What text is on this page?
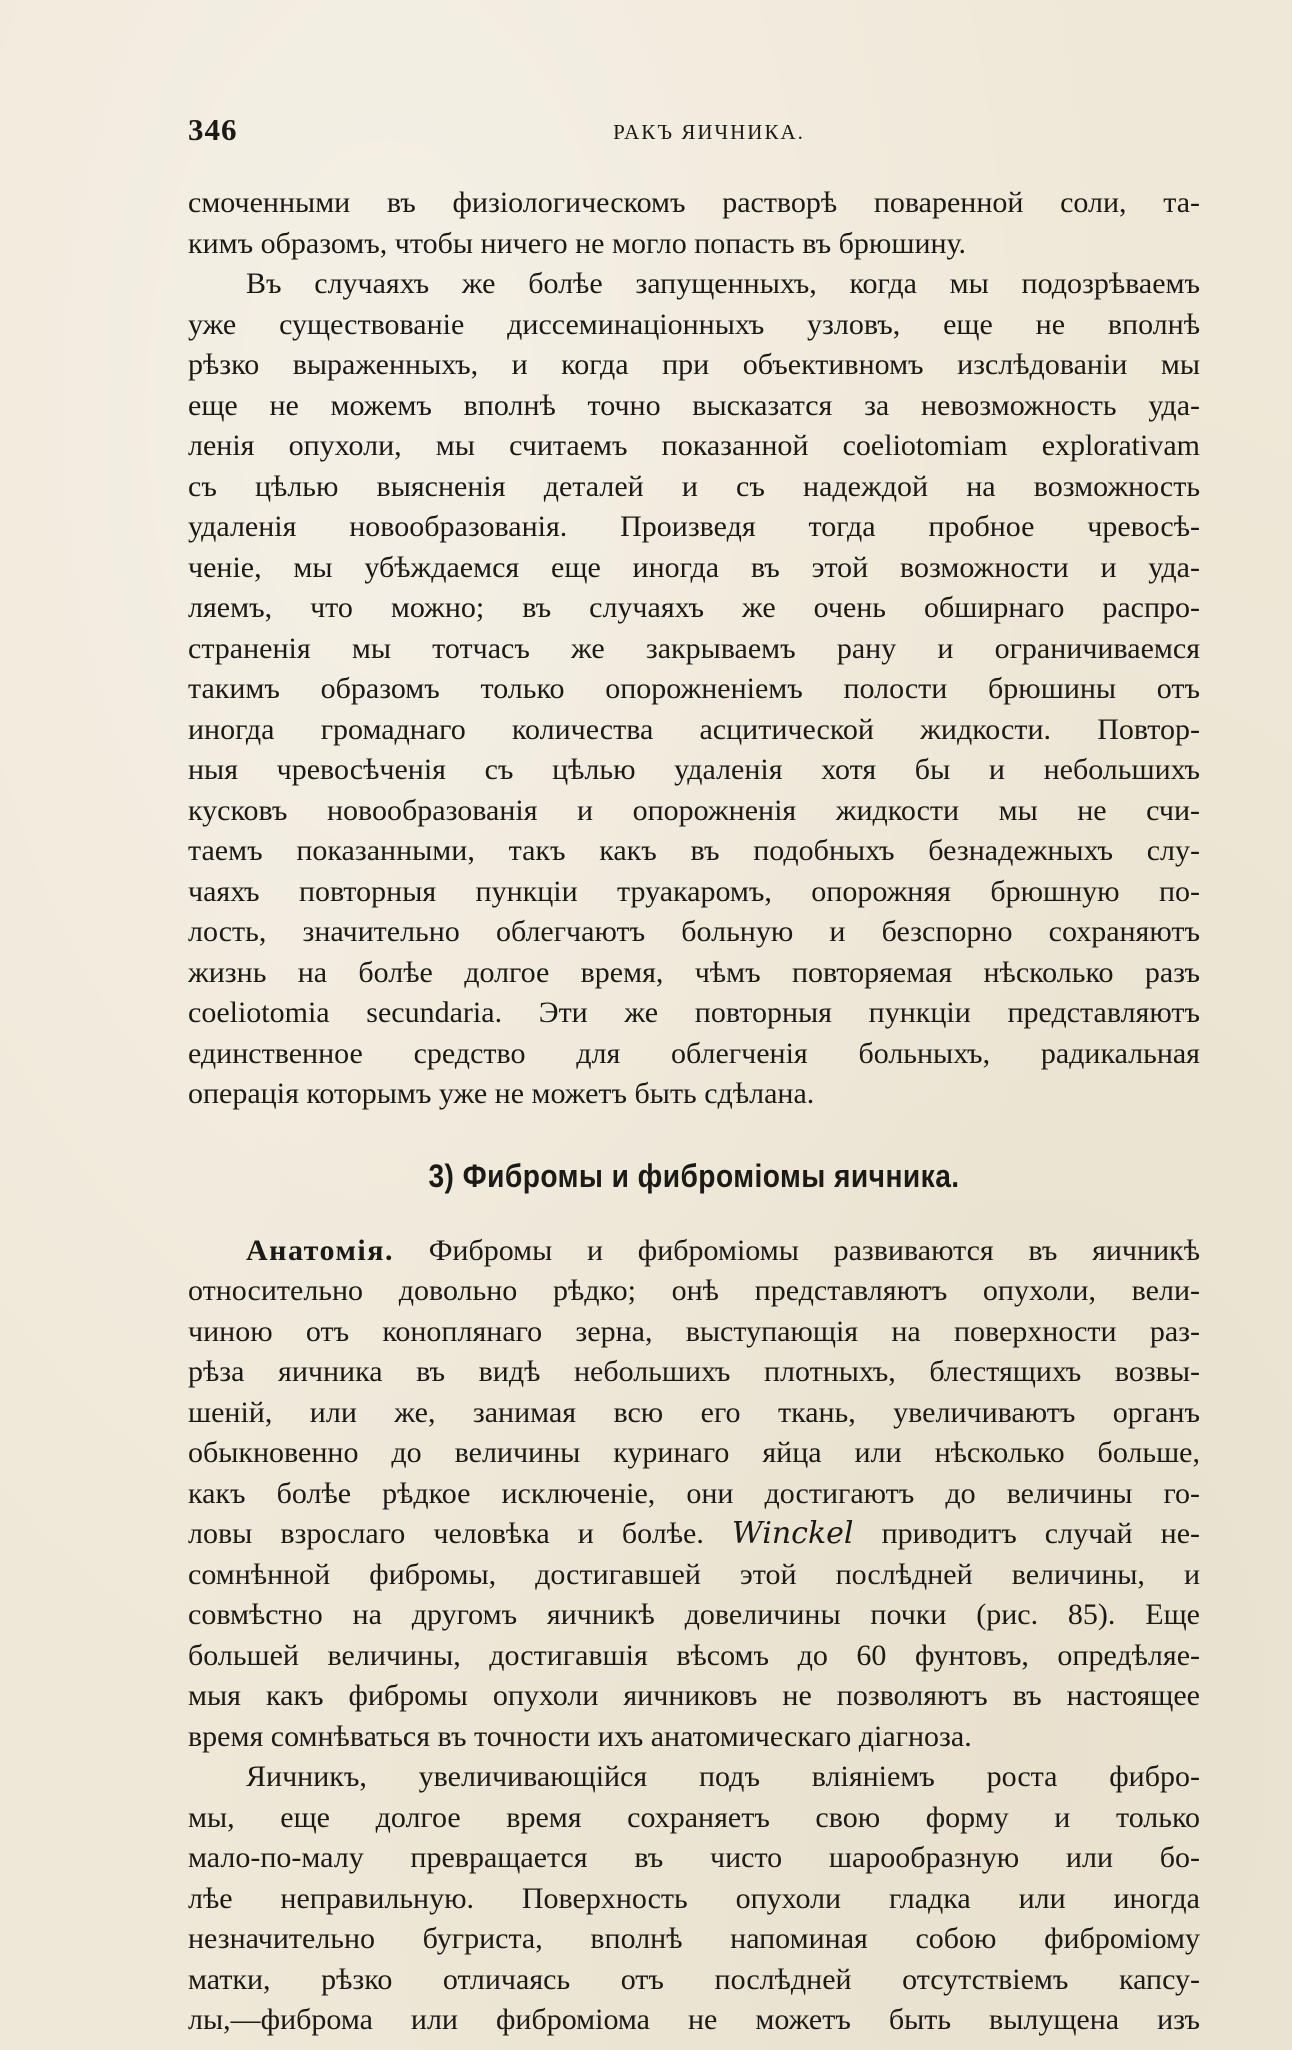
346	РАКЪ ЯИЧНИКА.
смоченными въ физіологическомъ растворѣ поваренной соли, та-
кимъ образомъ, чтобы ничего не могло попасть въ брюшину.
Въ случаяхъ же болѣе запущенныхъ, когда мы подозрѣваемъ
уже существованіе диссеминаціонныхъ узловъ, еще не вполнѣ
рѣзко выраженныхъ, и когда при объективномъ изслѣдованіи мы
еще не можемъ вполнѣ точно высказатся за невозможность уда-
ленія опухоли, мы считаемъ показанной coeliotomiam explorativam
съ цѣлью выясненія деталей и съ надеждой на возможность
удаленія новообразованія. Произведя тогда пробное чревосѣ-
ченіе, мы убѣждаемся еще иногда въ этой возможности и уда-
ляемъ, что можно; въ случаяхъ же очень обширнаго распро-
страненія мы тотчасъ же закрываемъ рану и ограничиваемся
такимъ образомъ только опорожненіемъ полости брюшины отъ
иногда громаднаго количества асцитической жидкости. Повтор-
ныя чревосѣченія съ цѣлью удаленія хотя бы и небольшихъ
кусковъ новообразованія и опорожненія жидкости мы не счи-
таемъ показанными, такъ какъ въ подобныхъ безнадежныхъ слу-
чаяхъ повторныя пункціи труакаромъ, опорожняя брюшную по-
лость, значительно облегчаютъ больную и безспорно сохраняютъ
жизнь на болѣе долгое время, чѣмъ повторяемая нѣсколько разъ
coeliotomia secundaria. Эти же повторныя пункціи представляютъ
единственное средство для облегченія больныхъ, радикальная
операція которымъ уже не можетъ быть сдѣлана.
3) Фибромы и фиброміомы яичника.
Анатомія. Фибромы и фиброміомы развиваются въ яичникѣ
относительно довольно рѣдко; онѣ представляютъ опухоли, вели-
чиною отъ коноплянаго зерна, выступающія на поверхности раз-
рѣза яичника въ видѣ небольшихъ плотныхъ, блестящихъ возвы-
шеній, или же, занимая всю его ткань, увеличиваютъ органъ
обыкновенно до величины куринаго яйца или нѣсколько больше,
какъ болѣе рѣдкое исключеніе, они достигаютъ до величины го-
ловы взрослаго человѣка и болѣе. Winckel приводитъ случай не-
сомнѣнной фибромы, достигавшей этой послѣдней величины, и
совмѣстно на другомъ яичникѣ довеличины почки (рис. 85). Еще
большей величины, достигавшія вѣсомъ до 60 фунтовъ, опредѣляе-
мыя какъ фибромы опухоли яичниковъ не позволяютъ въ настоящее
время сомнѣваться въ точности ихъ анатомическаго діагноза.
Яичникъ, увеличивающійся подъ вліяніемъ роста фибро-
мы, еще долгое время сохраняетъ свою форму и только
мало-по-малу превращается въ чисто шарообразную или бо-
лѣе неправильную. Поверхность опухоли гладка или иногда
незначительно бугриста, вполнѣ напоминая собою фиброміому
матки, рѣзко отличаясь отъ послѣдней отсутствіемъ капсу-
лы,—фиброма или фиброміома не можетъ быть вылущена изъ
